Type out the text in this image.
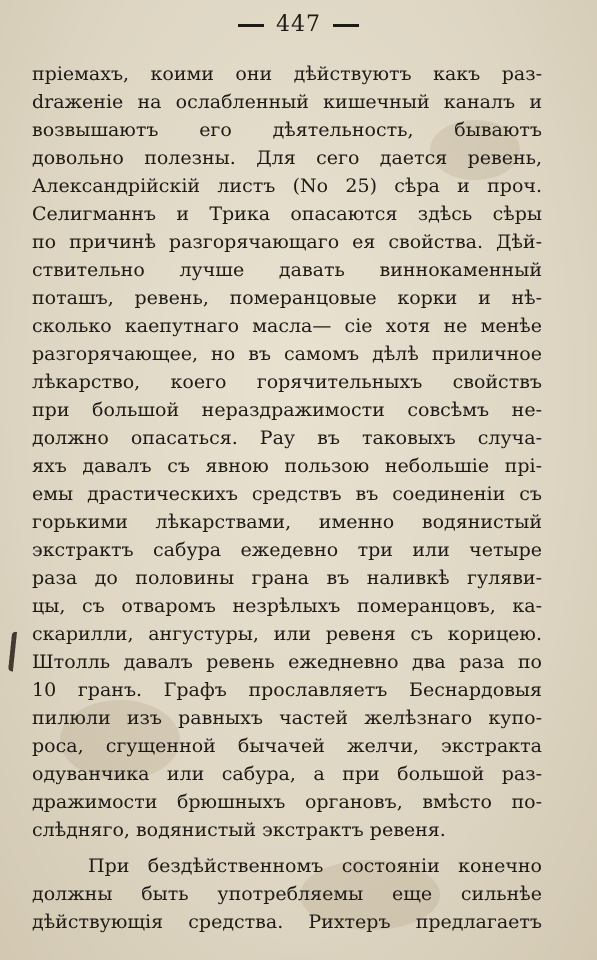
447
пріемахъ, коими они дѣйствуютъ какъ раз-
draженіе на ослабленный кишечный каналъ и
возвышаютъ его дѣятельность, бываютъ
довольно полезны. Для сего дается ревень,
Александрійскій листъ (No 25) сѣра и проч.
Селигманнъ и Трика опасаются здѣсь сѣры
по причинѣ разгорячающаго ея свойства. Дѣй-
ствительно лучше давать виннокаменный
поташъ, ревень, померанцовые корки и нѣ-
сколько каепутнаго масла— сіе хотя не менѣе
разгорячающее, но въ самомъ дѣлѣ приличное
лѣкарство, коего горячительныхъ свойствъ
при большой нераздражимости совсѣмъ не-
должно опасаться. Рау въ таковыхъ случа-
яхъ давалъ съ явною пользою небольшіе прі-
емы драстическихъ средствъ въ соединеніи съ
горькими лѣкарствами, именно водянистый
экстрактъ сабура ежедевно три или четыре
раза до половины грана въ наливкѣ гуляви-
цы, съ отваромъ незрѣлыхъ померанцовъ, ка-
скарилли, ангустуры, или ревеня съ корицею.
Штолль давалъ ревень ежедневно два раза по
10 гранъ. Графъ прославляетъ Беснардовыя
пилюли изъ равныхъ частей желѣзнаго купо-
роса, сгущенной бычачей желчи, экстракта
одуванчика или сабура, а при большой раз-
дражимости брюшныхъ органовъ, вмѣсто по-
слѣдняго, водянистый экстрактъ ревеня.
При бездѣйственномъ состояніи конечно
должны быть употребляемы еще сильнѣе
дѣйствующія средства. Рихтеръ предлагаетъ
